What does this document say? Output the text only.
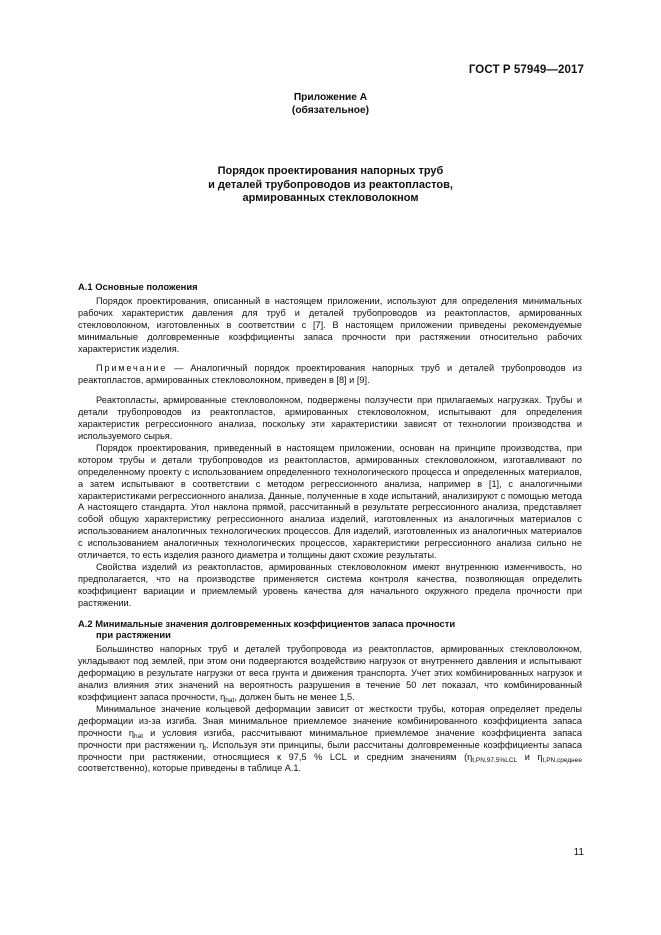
ГОСТ Р 57949—2017
Приложение А
(обязательное)
Порядок проектирования напорных труб
и деталей трубопроводов из реактопластов,
армированных стекловолокном
А.1 Основные положения

Порядок проектирования, описанный в настоящем приложении, используют для определения минимальных рабочих характеристик давления для труб и деталей трубопроводов из реактопластов, армированных стекловолокном, изготовленных в соответствии с [7]. В настоящем приложении приведены рекомендуемые минимальные долговременные коэффициенты запаса прочности при растяжении относительно рабочих характеристик изделия.

Примечание — Аналогичный порядок проектирования напорных труб и деталей трубопроводов из реактопластов, армированных стекловолокном, приведен в [8] и [9].

Реактопласты, армированные стекловолокном, подвержены ползучести при прилагаемых нагрузках. Трубы и детали трубопроводов из реактопластов, армированных стекловолокном, испытывают для определения характеристик регрессионного анализа, поскольку эти характеристики зависят от технологии производства и используемого сырья.

Порядок проектирования, приведенный в настоящем приложении, основан на принципе производства, при котором трубы и детали трубопроводов из реактопластов, армированных стекловолокном, изготавливают по определенному проекту с использованием определенного технологического процесса и определенных материалов, а затем испытывают в соответствии с методом регрессионного анализа, например в [1], с аналогичными характеристиками регрессионного анализа. Данные, полученные в ходе испытаний, анализируют с помощью метода А настоящего стандарта. Угол наклона прямой, рассчитанный в результате регрессионного анализа, представляет собой общую характеристику регрессионного анализа изделий, изготовленных из аналогичных материалов с использованием аналогичных технологических процессов. Для изделий, изготовленных из аналогичных материалов с использованием аналогичных технологических процессов, характеристики регрессионного анализа сильно не отличается, то есть изделия разного диаметра и толщины дают схожие результаты.

Свойства изделий из реактопластов, армированных стекловолокном имеют внутреннюю изменчивость, но предполагается, что на производстве применяется система контроля качества, позволяющая определить коэффициент вариации и приемлемый уровень качества для начального окружного предела прочности при растяжении.

А.2 Минимальные значения долговременных коэффициентов запаса прочности
при растяжении

Большинство напорных труб и деталей трубопровода из реактопластов, армированных стекловолокном, укладывают под землей, при этом они подвергаются воздействию нагрузок от внутреннего давления и испытывают деформацию в результате нагрузки от веса грунта и движения транспорта. Учет этих комбинированных нагрузок и анализ влияния этих значений на вероятность разрушения в течение 50 лет показал, что комбинированный коэффициент запаса прочности, $\eta_{hat}$, должен быть не менее 1,5.

Минимальное значение кольцевой деформации зависит от жесткости трубы, которая определяет пределы деформации из-за изгиба. Зная минимальное приемлемое значение комбинированного коэффициента запаса прочности $\eta_{hat}$ и условия изгиба, рассчитывают минимальное приемлемое значение коэффициента запаса прочности при растяжении $\eta_t$. Используя эти принципы, были рассчитаны долговременные коэффициенты запаса прочности при растяжении, относящиеся к 97,5 % LCL и средним значениям ($\eta_{t,PN,97,5\%LCL}$ и $\eta_{t,PN,среднее}$ соответственно), которые приведены в таблице А.1.

11
